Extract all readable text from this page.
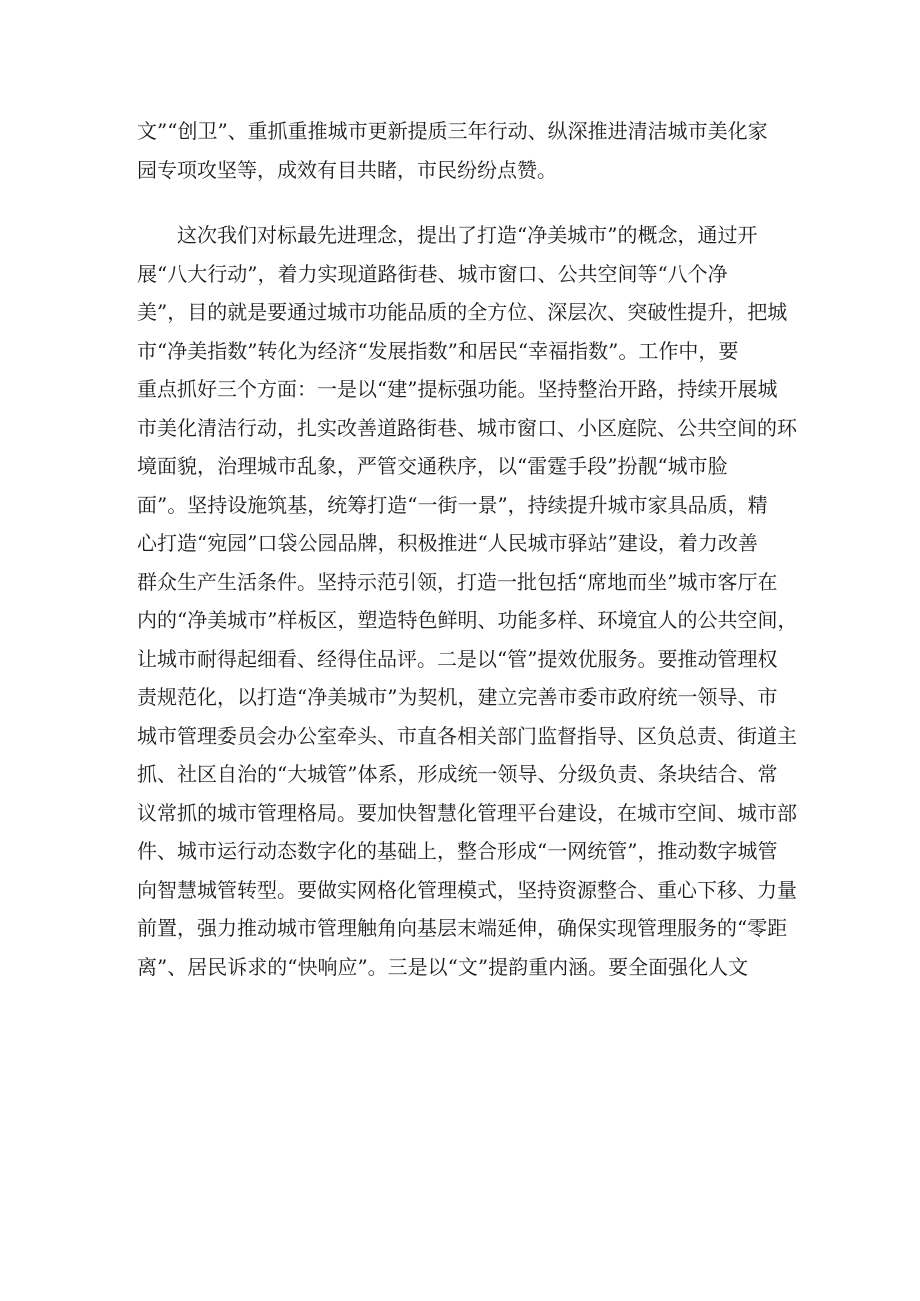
文”“创卫”、重抓重推城市更新提质三年行动、纵深推进清洁城市美化家
园专项攻坚等，成效有目共睹，市民纷纷点赞。
　　这次我们对标最先进理念，提出了打造“净美城市”的概念，通过开
展“八大行动”，着力实现道路街巷、城市窗口、公共空间等“八个净
美”，目的就是要通过城市功能品质的全方位、深层次、突破性提升，把城
市“净美指数”转化为经济“发展指数”和居民“幸福指数”。工作中，要
重点抓好三个方面：一是以“建”提标强功能。坚持整治开路，持续开展城
市美化清洁行动，扎实改善道路街巷、城市窗口、小区庭院、公共空间的环
境面貌，治理城市乱象，严管交通秩序，以“雷霆手段”扮靓“城市脸
面”。坚持设施筑基，统筹打造“一街一景”，持续提升城市家具品质，精
心打造“宛园”口袋公园品牌，积极推进“人民城市驿站”建设，着力改善
群众生产生活条件。坚持示范引领，打造一批包括“席地而坐”城市客厅在
内的“净美城市”样板区，塑造特色鲜明、功能多样、环境宜人的公共空间，
让城市耐得起细看、经得住品评。二是以“管”提效优服务。要推动管理权
责规范化，以打造“净美城市”为契机，建立完善市委市政府统一领导、市
城市管理委员会办公室牵头、市直各相关部门监督指导、区负总责、街道主
抓、社区自治的“大城管”体系，形成统一领导、分级负责、条块结合、常
议常抓的城市管理格局。要加快智慧化管理平台建设，在城市空间、城市部
件、城市运行动态数字化的基础上，整合形成“一网统管”，推动数字城管
向智慧城管转型。要做实网格化管理模式，坚持资源整合、重心下移、力量
前置，强力推动城市管理触角向基层末端延伸，确保实现管理服务的“零距
离”、居民诉求的“快响应”。三是以“文”提韵重内涵。要全面强化人文
